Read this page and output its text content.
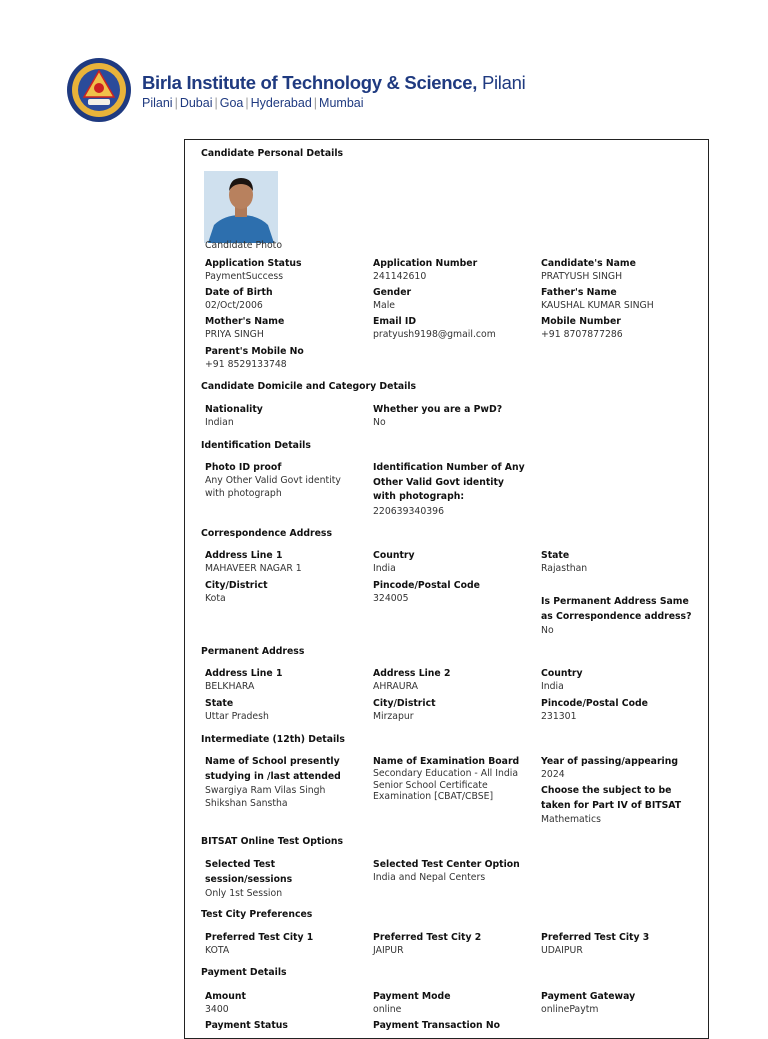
Birla Institute of Technology & Science, Pilani
Pilani | Dubai | Goa | Hyderabad | Mumbai
Candidate Personal Details
Candidate Photo
Application Status
PaymentSuccess
Application Number
241142610
Candidate's Name
PRATYUSH SINGH
Date of Birth
02/Oct/2006
Gender
Male
Father's Name
KAUSHAL KUMAR SINGH
Mother's Name
PRIYA SINGH
Email ID
pratyush9198@gmail.com
Mobile Number
+91 8707877286
Parent's Mobile No
+91 8529133748
Candidate Domicile and Category Details
Nationality
Indian
Whether you are a PwD?
No
Identification Details
Photo ID proof
Any Other Valid Govt identity with photograph
Identification Number of Any Other Valid Govt identity with photograph:
220639340396
Correspondence Address
Address Line 1
MAHAVEER NAGAR 1
Country
India
State
Rajasthan
City/District
Kota
Pincode/Postal Code
324005	Is Permanent Address Same as Correspondence address?
No
Permanent Address
Address Line 1
BELKHARA
Address Line 2
AHRAURA
Country
India
State
Uttar Pradesh
City/District
Mirzapur
Pincode/Postal Code
231301
Intermediate (12th) Details
Name of School presently studying in /last attended
Swargiya Ram Vilas Singh Shikshan Sanstha
Name of Examination Board
Secondary Education - All India Senior School Certificate Examination [CBAT/CBSE]
Year of passing/appearing
2024
Choose the subject to be taken for Part IV of BITSAT
Mathematics
BITSAT Online Test Options
Selected Test session/sessions
Only 1st Session
Selected Test Center Option
India and Nepal Centers
Test City Preferences
Preferred Test City 1
KOTA
Preferred Test City 2
JAIPUR
Preferred Test City 3
UDAIPUR
Payment Details
Amount
3400
Payment Mode
online
Payment Gateway
onlinePaytm
Payment Status	Payment Transaction No
